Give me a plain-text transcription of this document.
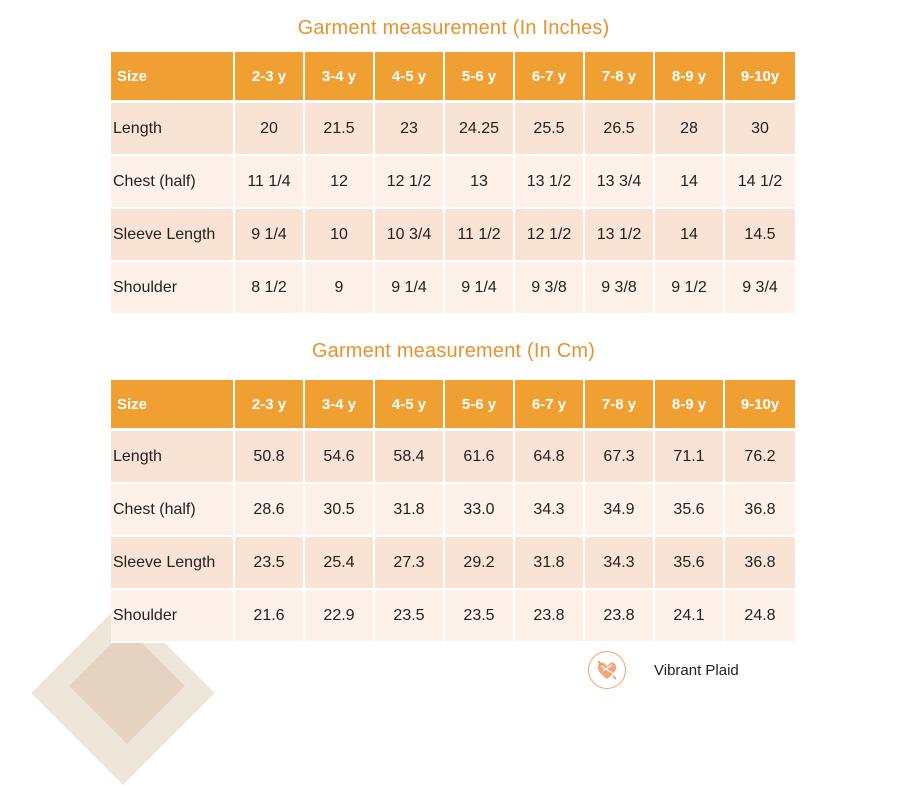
Garment measurement (In Inches)
Size	2-3 y	3-4 y	4-5 y	5-6 y	6-7 y	7-8 y	8-9 y	9-10y
Length	20	21.5	23	24.25	25.5	26.5	28	30
Chest (half)	11 1/4	12	12 1/2	13	13 1/2	13 3/4	14	14 1/2
Sleeve Length	9 1/4	10	10 3/4	11 1/2	12 1/2	13 1/2	14	14.5
Shoulder	8 1/2	9	9 1/4	9 1/4	9 3/8	9 3/8	9 1/2	9 3/4
Garment measurement (In Cm)
Size	2-3 y	3-4 y	4-5 y	5-6 y	6-7 y	7-8 y	8-9 y	9-10y
Length	50.8	54.6	58.4	61.6	64.8	67.3	71.1	76.2
Chest (half)	28.6	30.5	31.8	33.0	34.3	34.9	35.6	36.8
Sleeve Length	23.5	25.4	27.3	29.2	31.8	34.3	35.6	36.8
Shoulder	21.6	22.9	23.5	23.5	23.8	23.8	24.1	24.8
Vibrant Plaid
